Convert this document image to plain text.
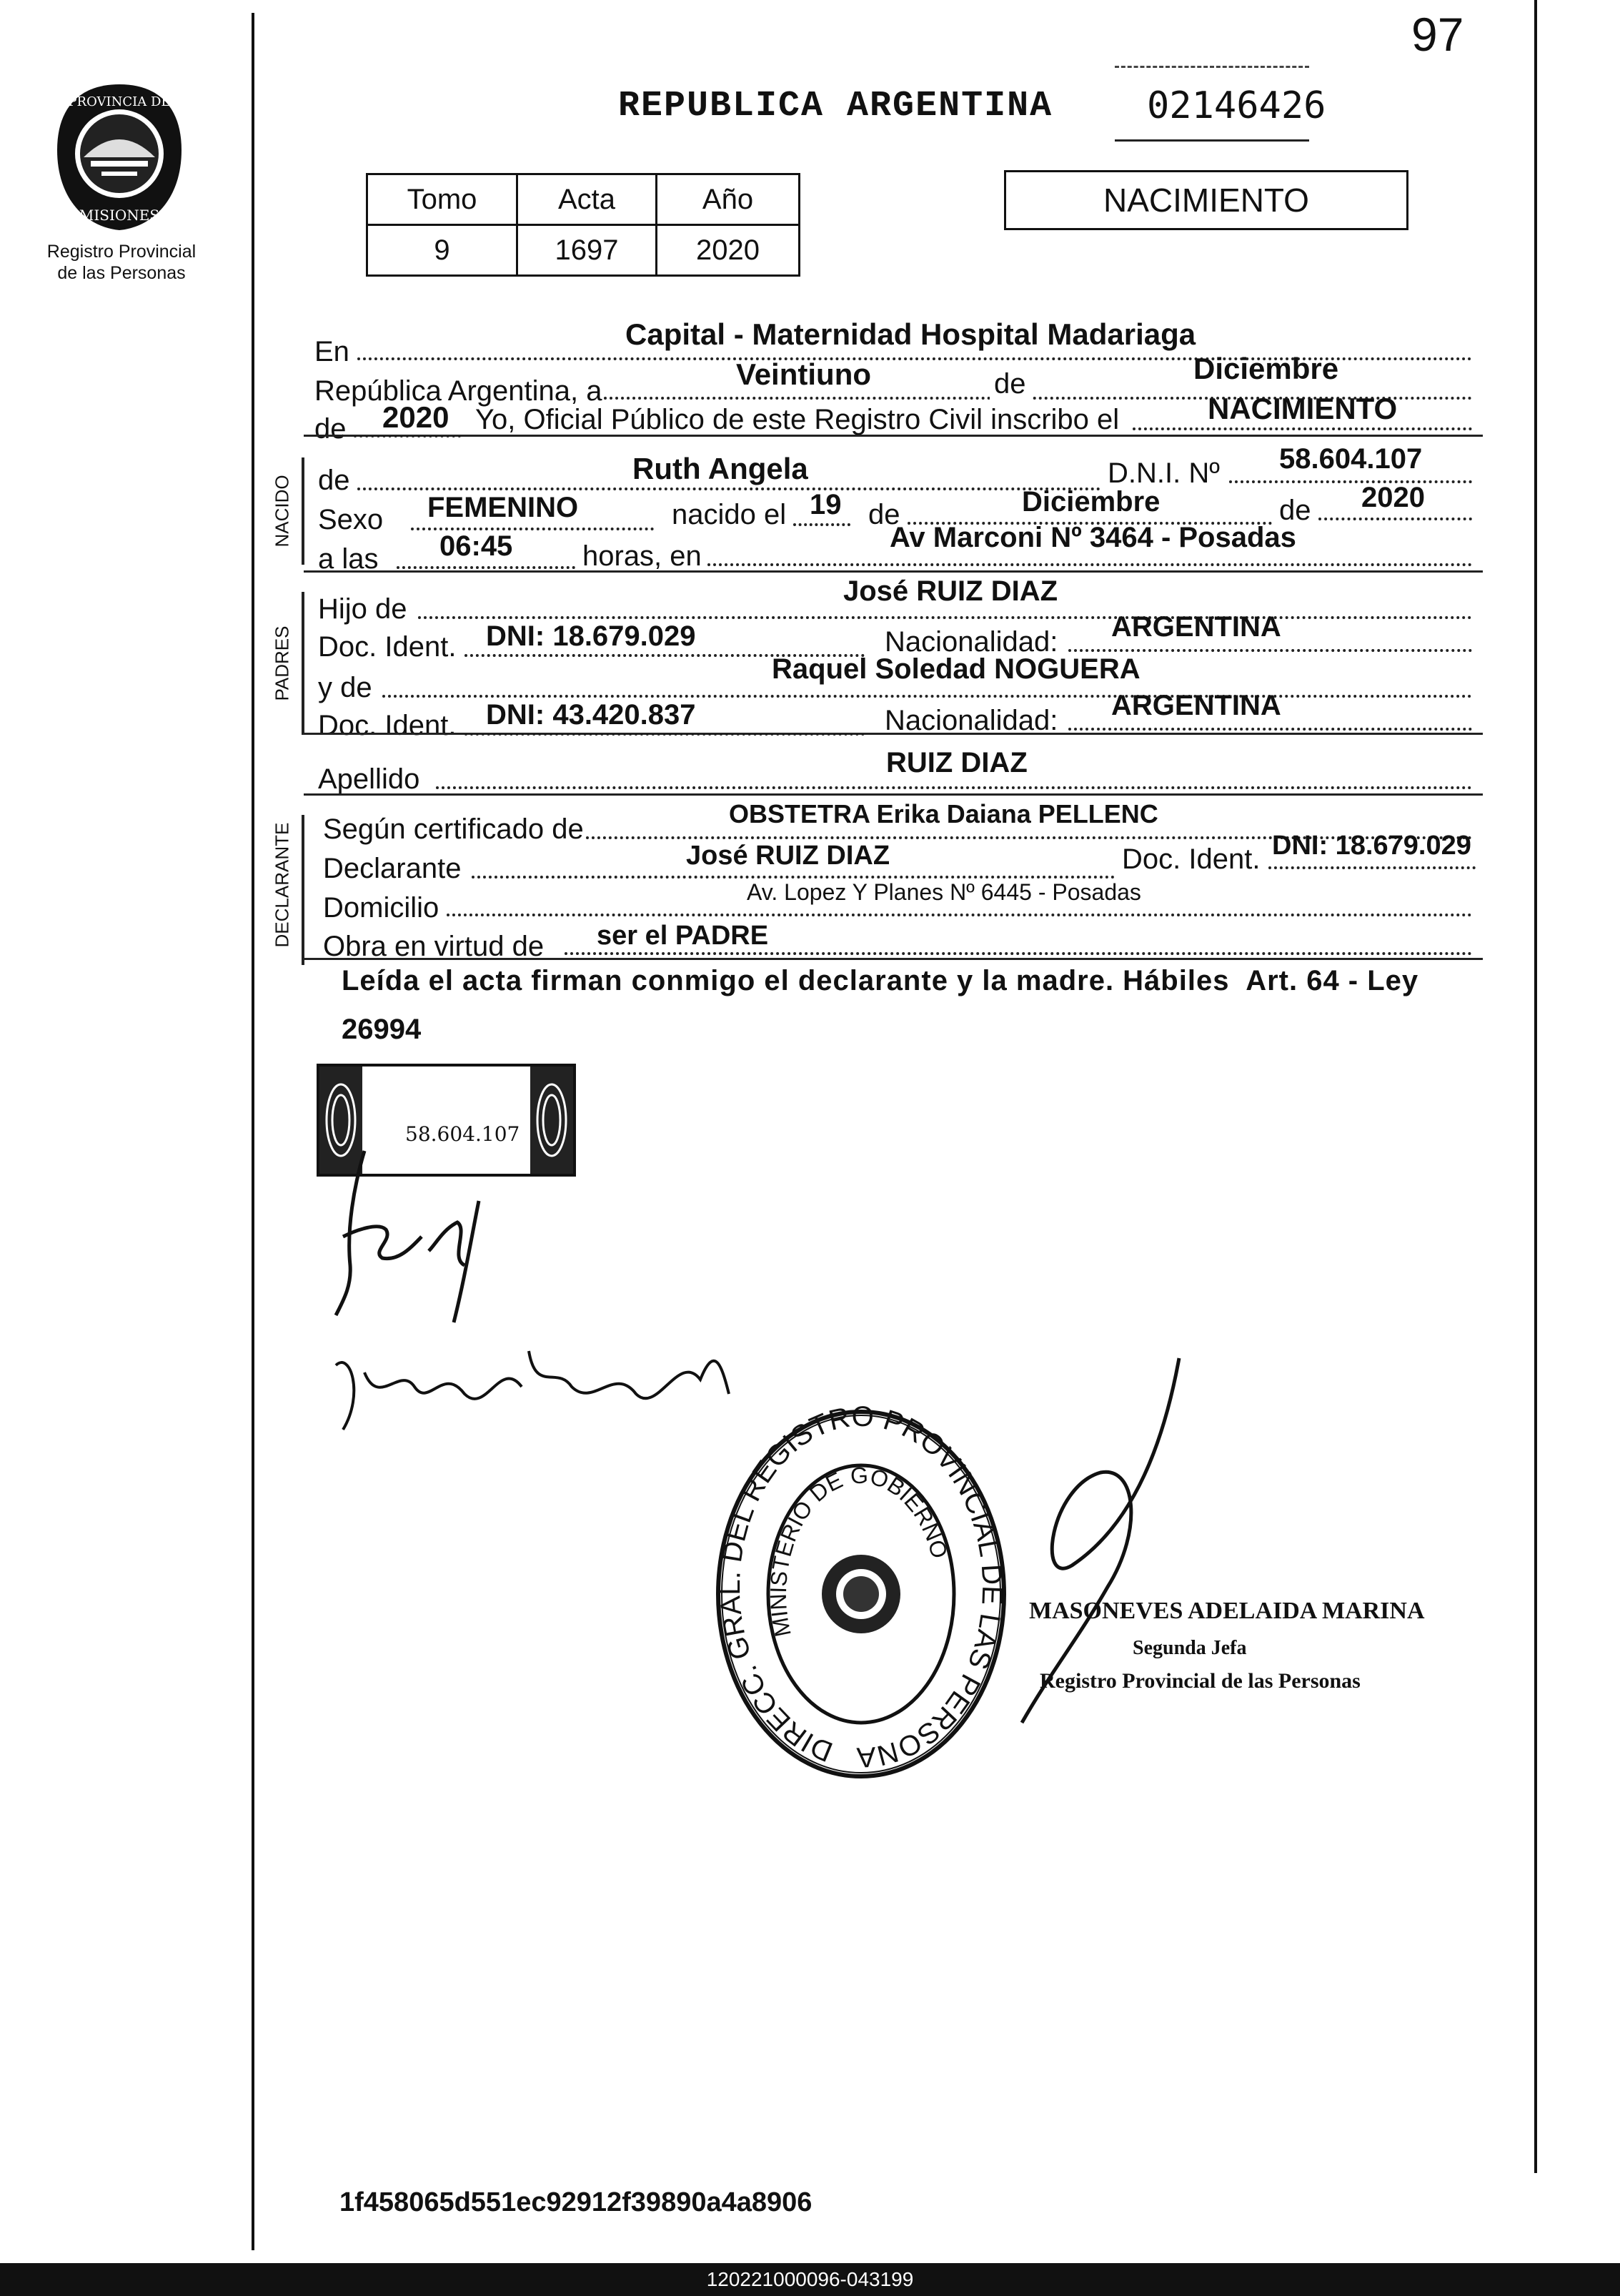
97
PROVINCIA DE
MISIONES
Registro Provincial
de las Personas
REPUBLICA ARGENTINA	02146426
Tomo	Acta	Año
9	1697	2020
NACIMIENTO
En
Capital - Maternidad Hospital Madariaga
República Argentina, a	Veintiuno	de	Diciembre
de 2020 Yo, Oficial Público de este Registro Civil inscribo el	NACIMIENTO
NACIDO de	Ruth Angela	D.N.I. Nº 58.604.107
Sexo FEMENINO	nacido el 19 de	Diciembre	de 2020
a las 06:45 horas, en
Av Marconi Nº 3464 - Posadas
PADRES
Hijo de
José RUIZ DIAZ
Doc. Ident. DNI: 18.679.029	Nacionalidad: ARGENTINA
y de
Raquel Soledad NOGUERA
Doc. Ident. DNI: 43.420.837	Nacionalidad: ARGENTINA
Apellido
RUIZ DIAZ
DECLARANTE Según certificado de	OBSTETRA Erika Daiana PELLENC
Declarante	José RUIZ DIAZ	Doc. Ident. DNI: 18.679.029
Domicilio	Av. Lopez Y Planes Nº 6445 - Posadas
Obra en virtud de ser el PADRE
Leída el acta firman conmigo el declarante y la madre. Hábiles  Art. 64 - Ley
26994
58.604.107
DIRECC. GRAL. DEL REGISTRO PROVINCIAL DE LAS PERSONA
MINISTERIO DE GOBIERNO
MASONEVES ADELAIDA MARINA
Segunda Jefa
Registro Provincial de las Personas
1f458065d551ec92912f39890a4a8906
120221000096-043199
